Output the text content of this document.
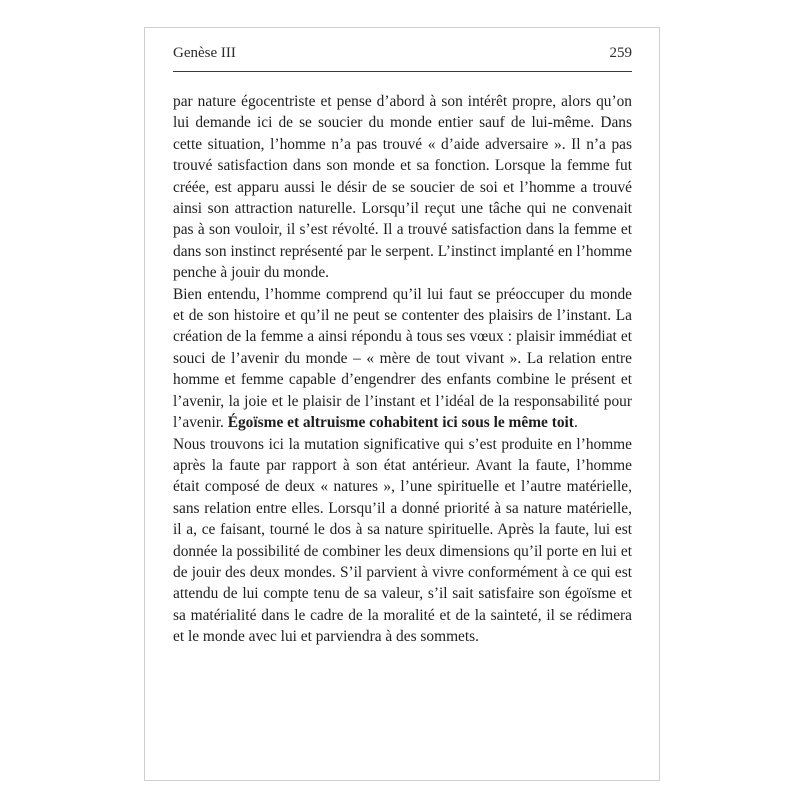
Genèse III	259

par nature égocentriste et pense d’abord à son intérêt propre, alors qu’on lui demande ici de se soucier du monde entier sauf de lui-même. Dans cette situation, l’homme n’a pas trouvé « d’aide adversaire ». Il n’a pas trouvé satisfaction dans son monde et sa fonction. Lorsque la femme fut créée, est apparu aussi le désir de se soucier de soi et l’homme a trouvé ainsi son attraction naturelle. Lorsqu’il reçut une tâche qui ne convenait pas à son vouloir, il s’est révolté. Il a trouvé satisfaction dans la femme et dans son instinct représenté par le serpent. L’instinct implanté en l’homme penche à jouir du monde.

Bien entendu, l’homme comprend qu’il lui faut se préoccuper du monde et de son histoire et qu’il ne peut se contenter des plaisirs de l’instant. La création de la femme a ainsi répondu à tous ses vœux : plaisir immédiat et souci de l’avenir du monde – « mère de tout vivant ». La relation entre homme et femme capable d’engendrer des enfants combine le présent et l’avenir, la joie et le plaisir de l’instant et l’idéal de la responsabilité pour l’avenir. Égoïsme et altruisme cohabitent ici sous le même toit.

Nous trouvons ici la mutation significative qui s’est produite en l’homme après la faute par rapport à son état antérieur. Avant la faute, l’homme était composé de deux « natures », l’une spirituelle et l’autre matérielle, sans relation entre elles. Lorsqu’il a donné priorité à sa nature matérielle, il a, ce faisant, tourné le dos à sa nature spirituelle. Après la faute, lui est donnée la possibilité de combiner les deux dimensions qu’il porte en lui et de jouir des deux mondes. S’il parvient à vivre conformément à ce qui est attendu de lui compte tenu de sa valeur, s’il sait satisfaire son égoïsme et sa matérialité dans le cadre de la moralité et de la sainteté, il se rédimera et le monde avec lui et parviendra à des sommets.
